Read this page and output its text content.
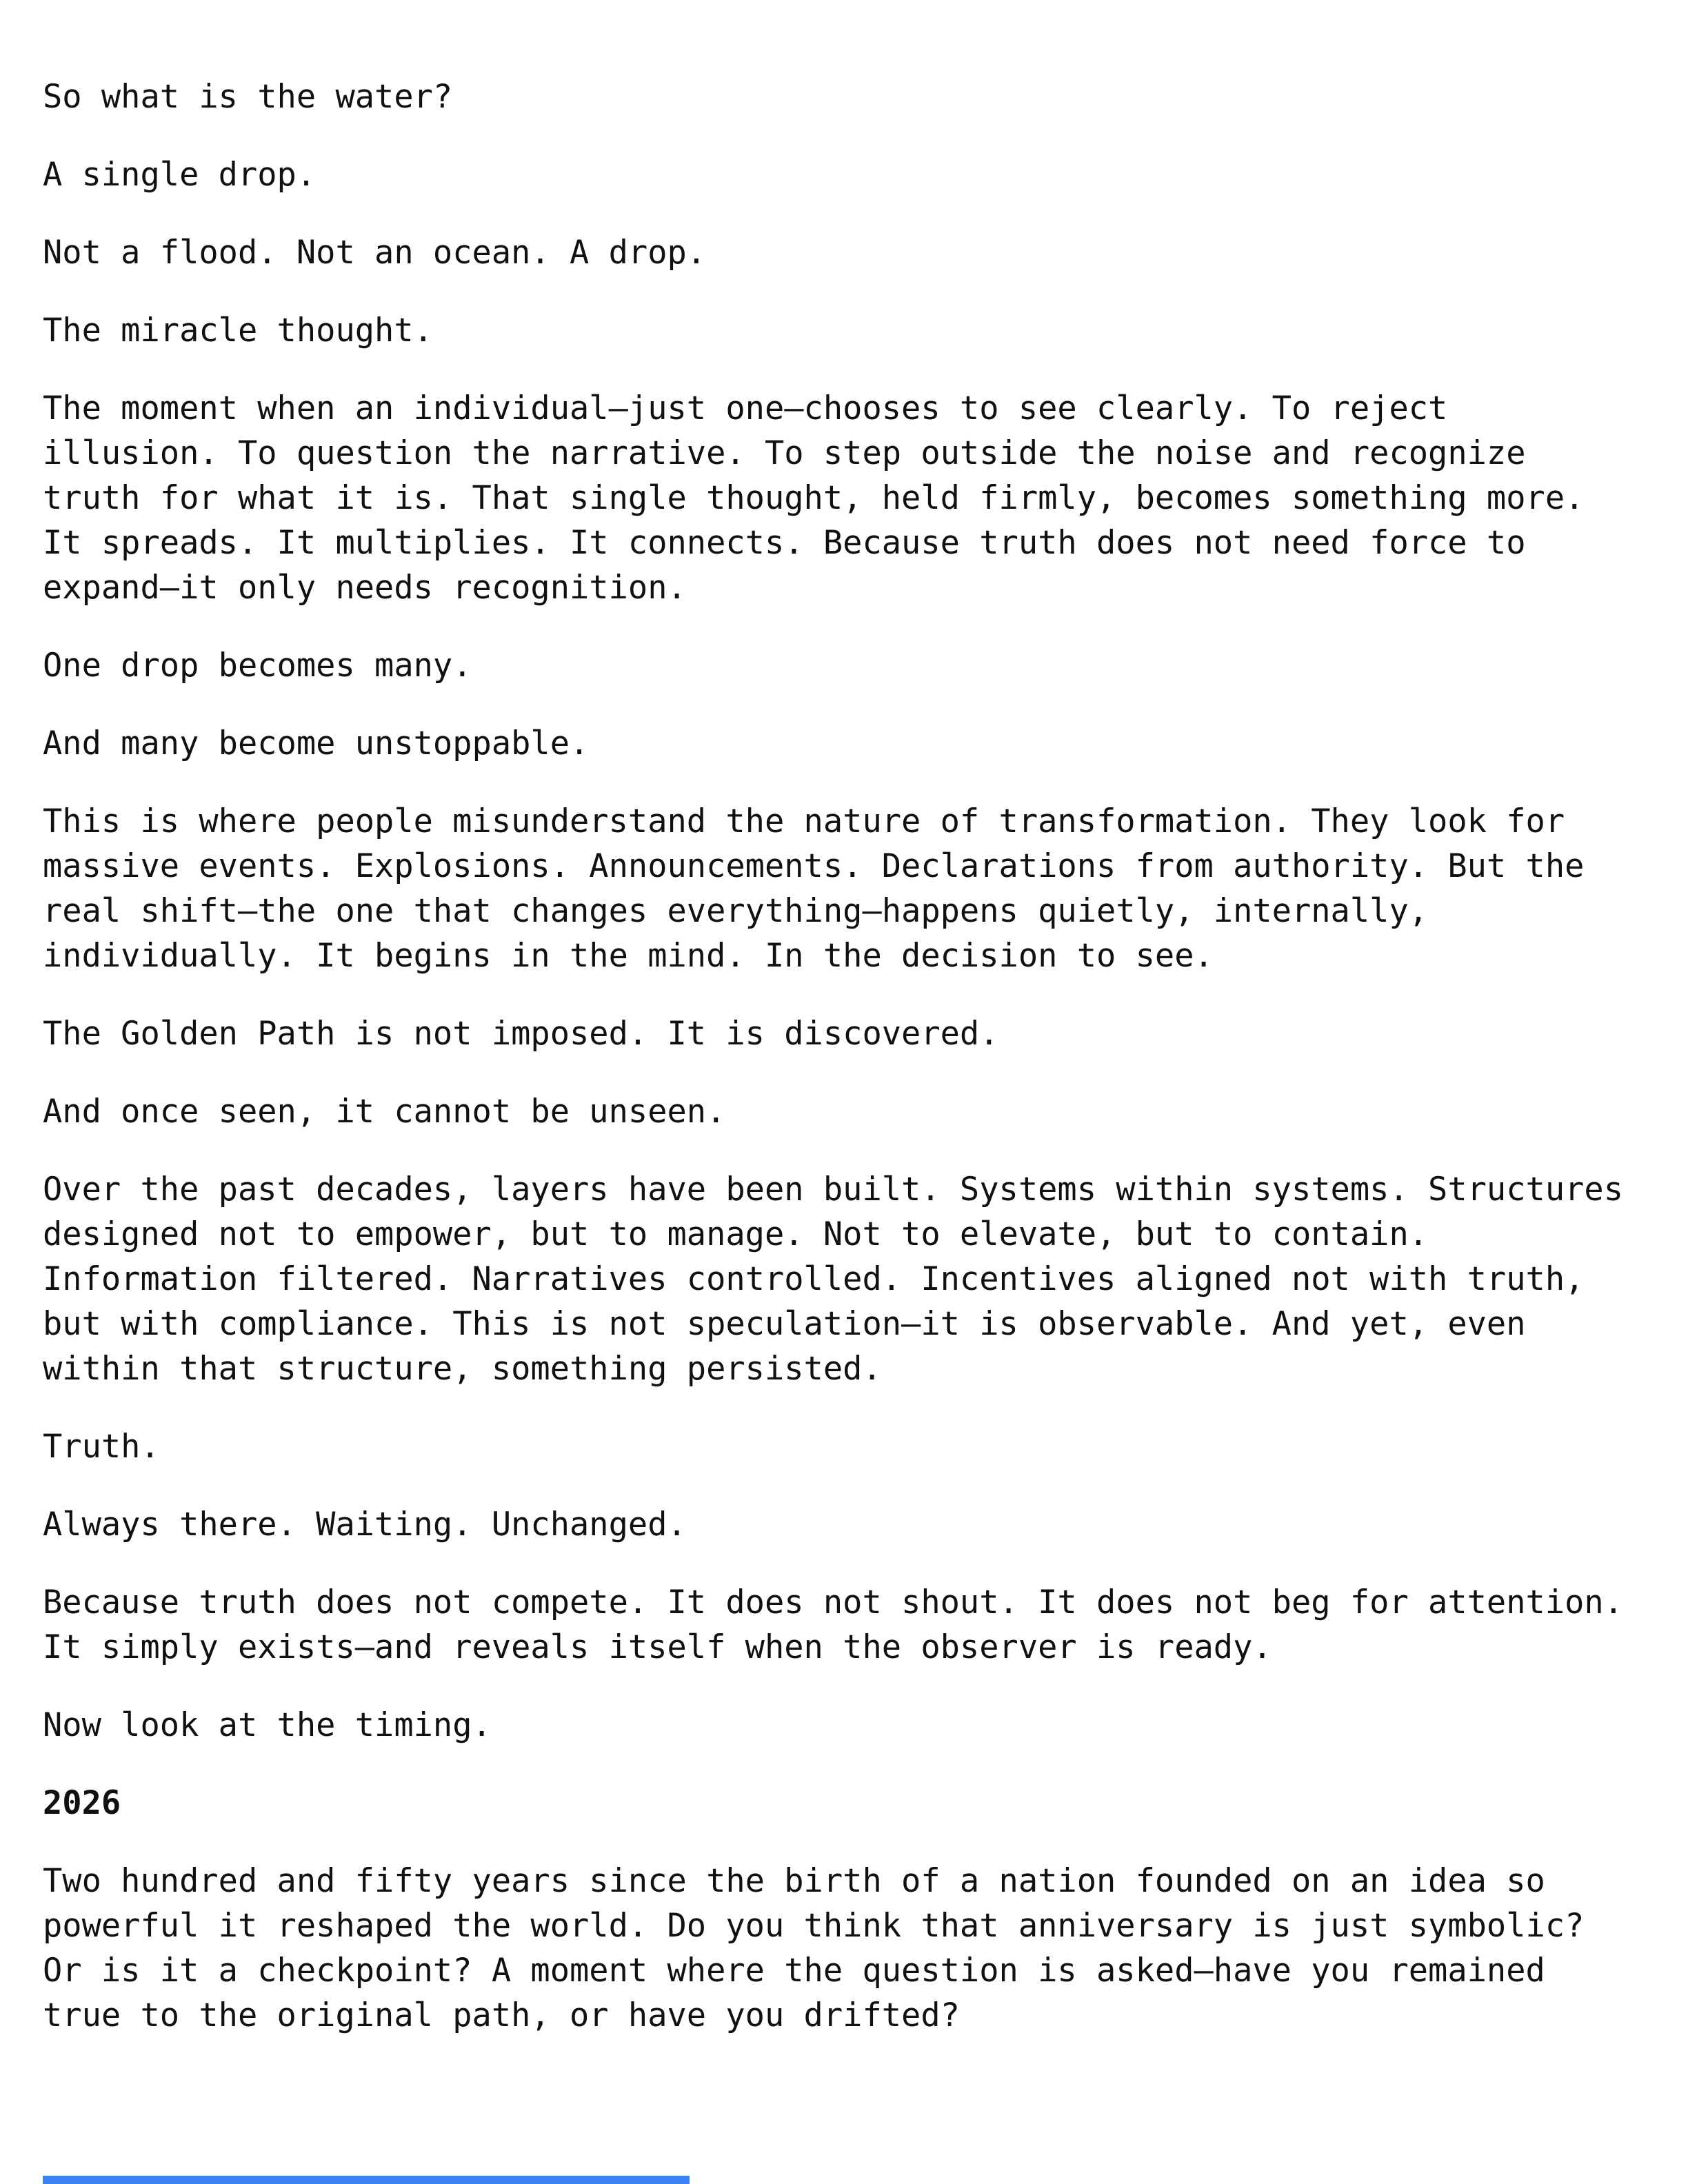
So what is the water?

A single drop.

Not a flood. Not an ocean. A drop.

The miracle thought.

The moment when an individual—just one—chooses to see clearly. To reject illusion. To question the narrative. To step outside the noise and recognize truth for what it is. That single thought, held firmly, becomes something more. It spreads. It multiplies. It connects. Because truth does not need force to expand—it only needs recognition.

One drop becomes many.

And many become unstoppable.

This is where people misunderstand the nature of transformation. They look for massive events. Explosions. Announcements. Declarations from authority. But the real shift—the one that changes everything—happens quietly, internally, individually. It begins in the mind. In the decision to see.

The Golden Path is not imposed. It is discovered.

And once seen, it cannot be unseen.

Over the past decades, layers have been built. Systems within systems. Structures designed not to empower, but to manage. Not to elevate, but to contain. Information filtered. Narratives controlled. Incentives aligned not with truth, but with compliance. This is not speculation—it is observable. And yet, even within that structure, something persisted.

Truth.

Always there. Waiting. Unchanged.

Because truth does not compete. It does not shout. It does not beg for attention. It simply exists—and reveals itself when the observer is ready.

Now look at the timing.

2026

Two hundred and fifty years since the birth of a nation founded on an idea so powerful it reshaped the world. Do you think that anniversary is just symbolic? Or is it a checkpoint? A moment where the question is asked—have you remained true to the original path, or have you drifted?
